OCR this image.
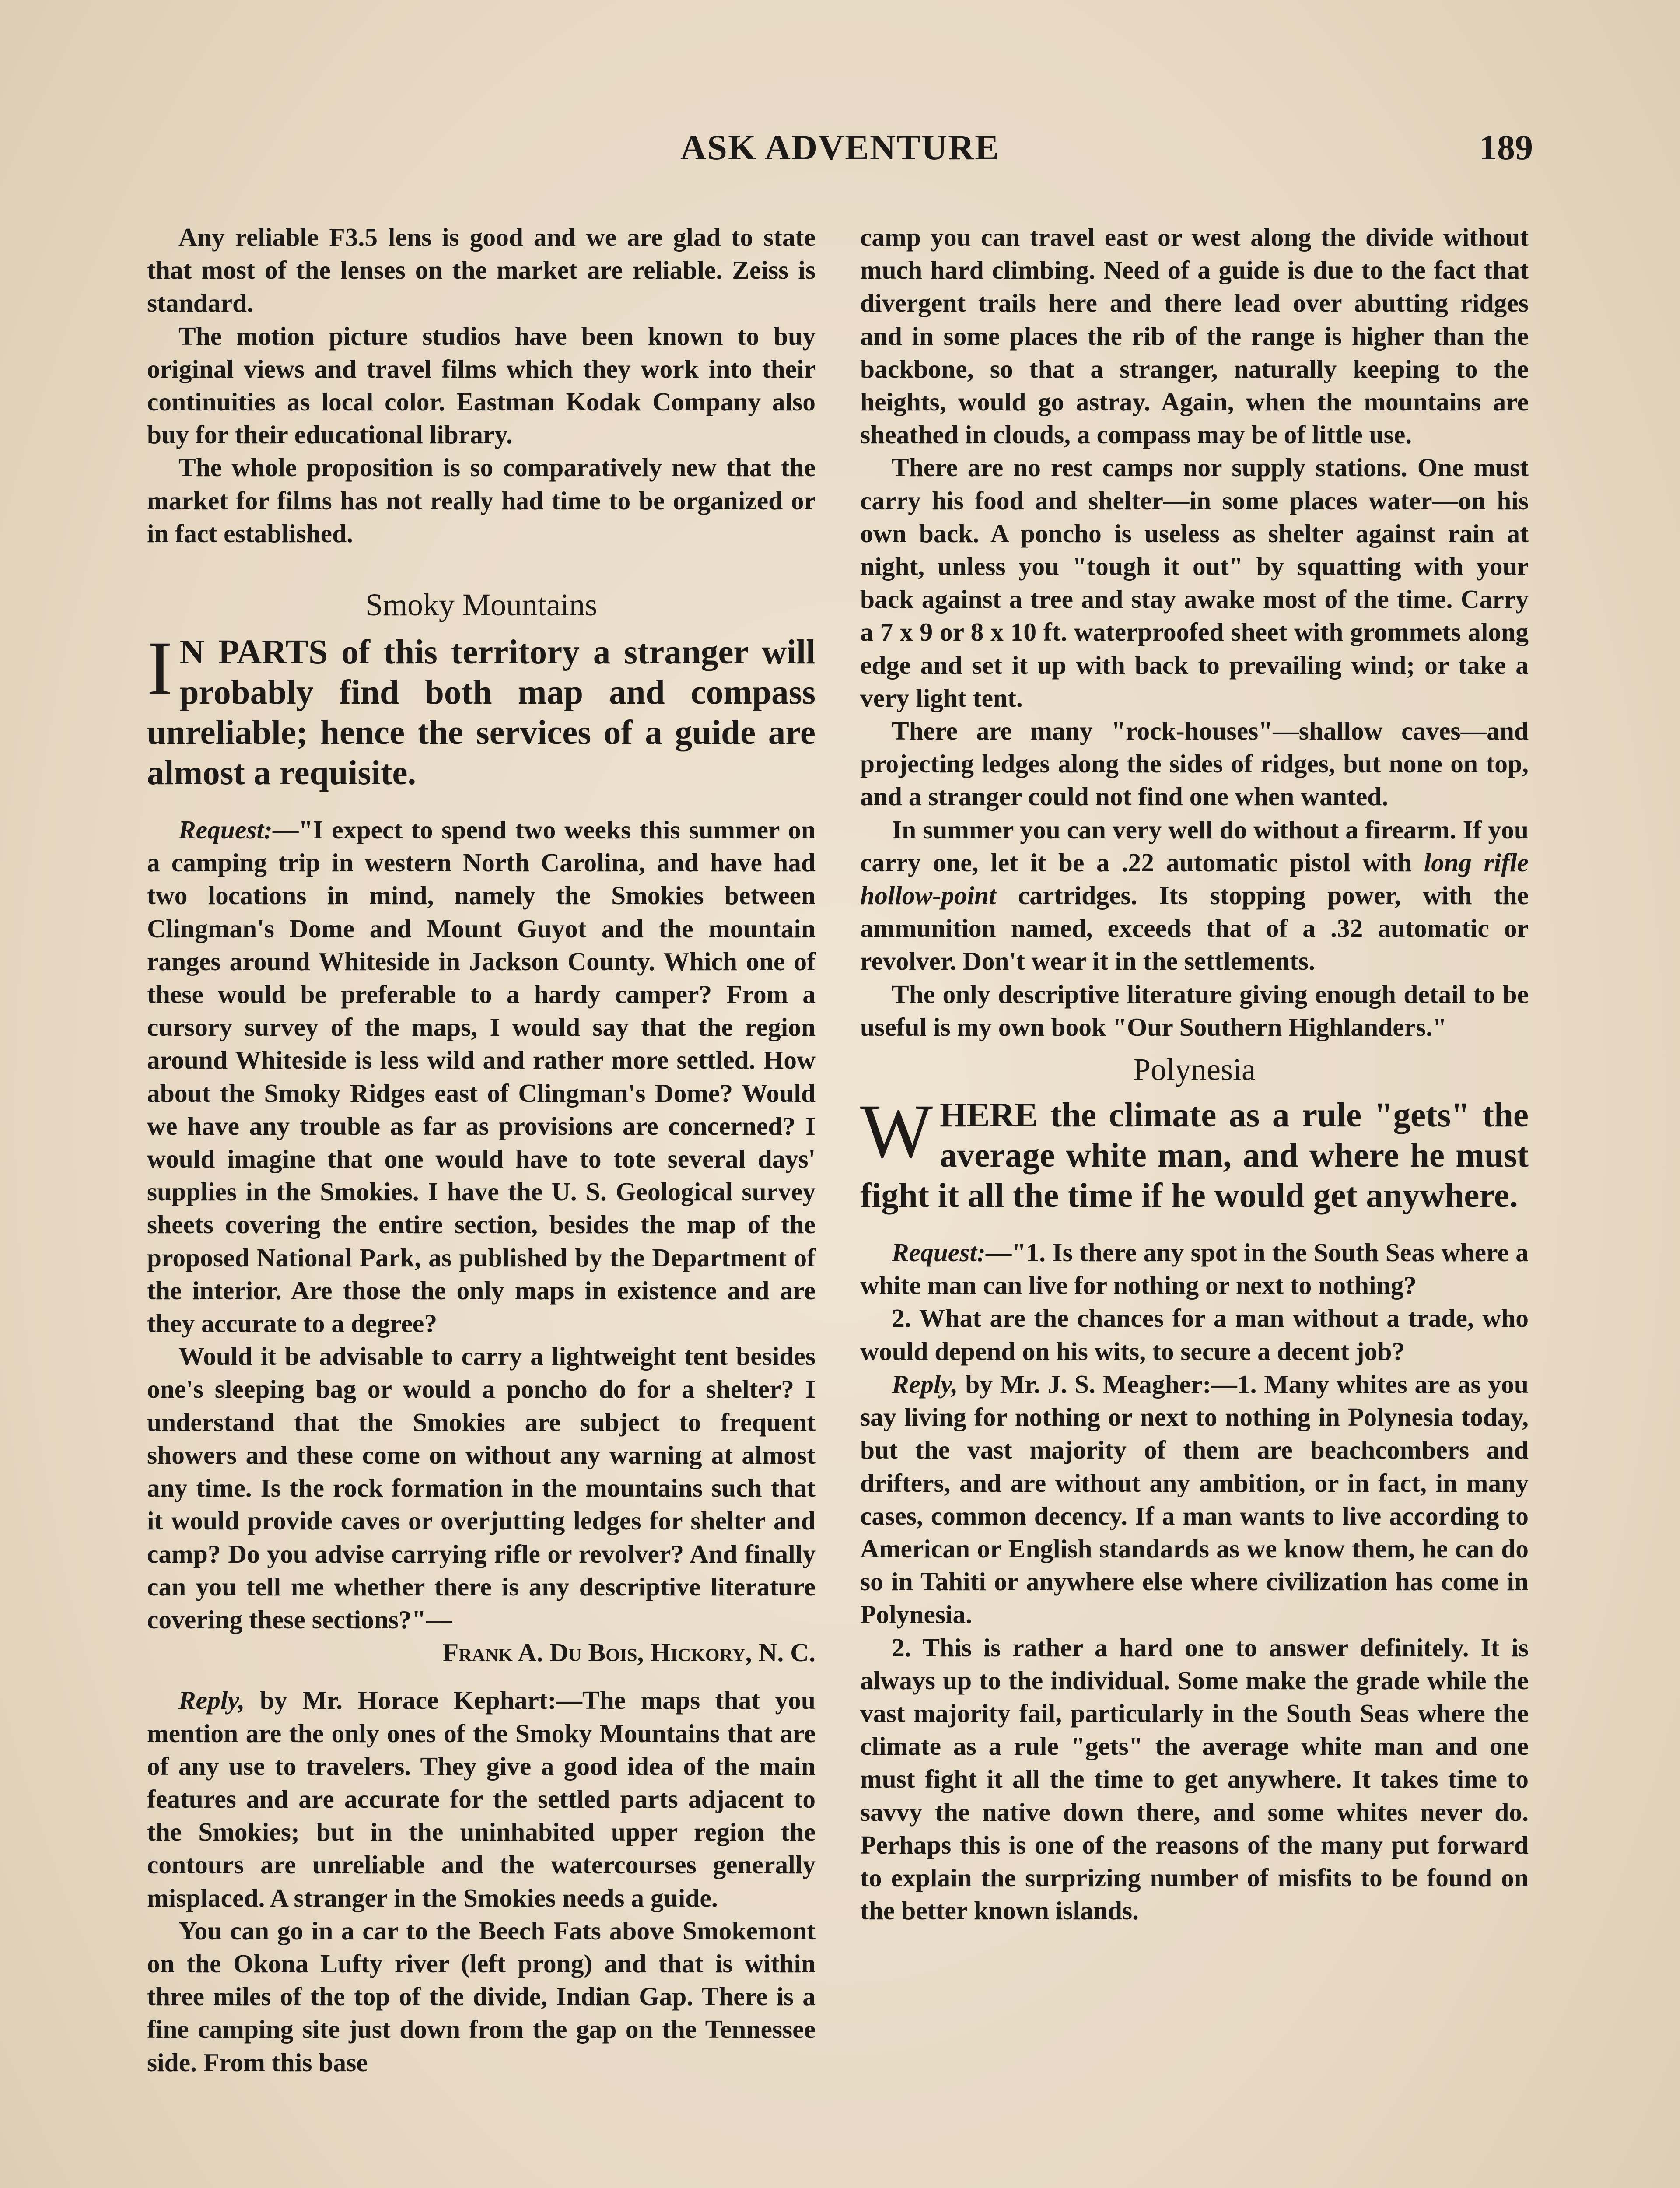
ASK ADVENTURE	189

Any reliable F3.5 lens is good and we are glad to state that most of the lenses on the market are reliable. Zeiss is standard.

The motion picture studios have been known to buy original views and travel films which they work into their continuities as local color. Eastman Kodak Company also buy for their educational library.

The whole proposition is so comparatively new that the market for films has not really had time to be organized or in fact established.

Smoky Mountains
I N PARTS of this territory a stranger will probably find both map and compass unreliable; hence the services of a guide are almost a requisite.

Request:—"I expect to spend two weeks this summer on a camping trip in western North Carolina, and have had two locations in mind, namely the Smokies between Clingman's Dome and Mount Guyot and the mountain ranges around Whiteside in Jackson County. Which one of these would be preferable to a hardy camper? From a cursory survey of the maps, I would say that the region around Whiteside is less wild and rather more settled. How about the Smoky Ridges east of Clingman's Dome? Would we have any trouble as far as provisions are concerned? I would imagine that one would have to tote several days' supplies in the Smokies. I have the U. S. Geological survey sheets covering the entire section, besides the map of the proposed National Park, as published by the Department of the interior. Are those the only maps in existence and are they accurate to a degree?

Would it be advisable to carry a lightweight tent besides one's sleeping bag or would a poncho do for a shelter? I understand that the Smokies are subject to frequent showers and these come on without any warning at almost any time. Is the rock formation in the mountains such that it would provide caves or overjutting ledges for shelter and camp? Do you advise carrying rifle or revolver? And finally can you tell me whether there is any descriptive literature covering these sections?"—

Frank A. Du Bois, Hickory, N. C.

Reply, by Mr. Horace Kephart:—The maps that you mention are the only ones of the Smoky Mountains that are of any use to travelers. They give a good idea of the main features and are accurate for the settled parts adjacent to the Smokies; but in the uninhabited upper region the contours are unreliable and the watercourses generally misplaced. A stranger in the Smokies needs a guide.

You can go in a car to the Beech Fats above Smokemont on the Okona Lufty river (left prong) and that is within three miles of the top of the divide, Indian Gap. There is a fine camping site just down from the gap on the Tennessee side. From this base

camp you can travel east or west along the divide without much hard climbing. Need of a guide is due to the fact that divergent trails here and there lead over abutting ridges and in some places the rib of the range is higher than the backbone, so that a stranger, naturally keeping to the heights, would go astray. Again, when the mountains are sheathed in clouds, a compass may be of little use.

There are no rest camps nor supply stations. One must carry his food and shelter—in some places water—on his own back. A poncho is useless as shelter against rain at night, unless you "tough it out" by squatting with your back against a tree and stay awake most of the time. Carry a 7 x 9 or 8 x 10 ft. waterproofed sheet with grommets along edge and set it up with back to prevailing wind; or take a very light tent.

There are many "rock-houses"—shallow caves—and projecting ledges along the sides of ridges, but none on top, and a stranger could not find one when wanted.

In summer you can very well do without a firearm. If you carry one, let it be a .22 automatic pistol with long rifle hollow-point cartridges. Its stopping power, with the ammunition named, exceeds that of a .32 automatic or revolver. Don't wear it in the settlements.

The only descriptive literature giving enough detail to be useful is my own book "Our Southern Highlanders."

Polynesia
WHERE the climate as a rule "gets" the average white man, and where he must fight it all the time if he would get anywhere.

Request:—"1. Is there any spot in the South Seas where a white man can live for nothing or next to nothing?

2. What are the chances for a man without a trade, who would depend on his wits, to secure a decent job?

Reply, by Mr. J. S. Meagher:—1. Many whites are as you say living for nothing or next to nothing in Polynesia today, but the vast majority of them are beachcombers and drifters, and are without any ambition, or in fact, in many cases, common decency. If a man wants to live according to American or English standards as we know them, he can do so in Tahiti or anywhere else where civilization has come in Polynesia.

2. This is rather a hard one to answer definitely. It is always up to the individual. Some make the grade while the vast majority fail, particularly in the South Seas where the climate as a rule "gets" the average white man and one must fight it all the time to get anywhere. It takes time to savvy the native down there, and some whites never do. Perhaps this is one of the reasons of the many put forward to explain the surprizing number of misfits to be found on the better known islands.
